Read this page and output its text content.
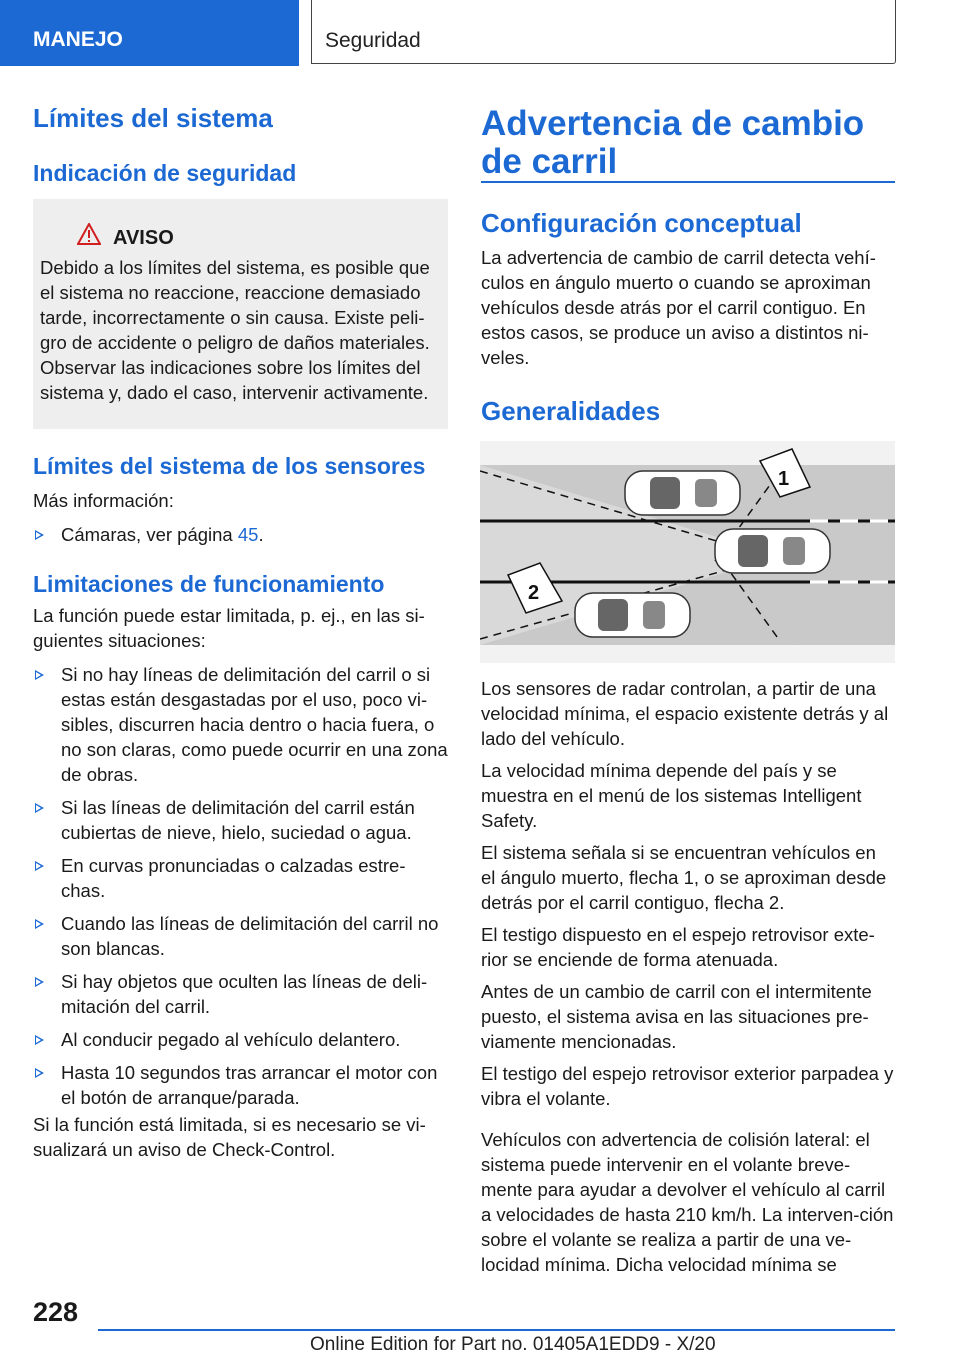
MANEJO	Seguridad
Límites del sistema
Indicación de seguridad
AVISO
Debido a los límites del sistema, es posible que el sistema no reaccione, reaccione demasiado tarde, incorrectamente o sin causa. Existe peli-gro de accidente o peligro de daños materiales. Observar las indicaciones sobre los límites del sistema y, dado el caso, intervenir activamente.
Límites del sistema de los sensores

Más información:

Cámaras, ver página 45.
Limitaciones de funcionamiento

La función puede estar limitada, p. ej., en las si-guientes situaciones:

Si no hay líneas de delimitación del carril o si estas están desgastadas por el uso, poco vi-sibles, discurren hacia dentro o hacia fuera, o no son claras, como puede ocurrir en una zona de obras.
Si las líneas de delimitación del carril están cubiertas de nieve, hielo, suciedad o agua.
En curvas pronunciadas o calzadas estre-chas.
Cuando las líneas de delimitación del carril no son blancas.
Si hay objetos que oculten las líneas de deli-mitación del carril.
Al conducir pegado al vehículo delantero.
Hasta 10 segundos tras arrancar el motor con el botón de arranque/parada.

Si la función está limitada, si es necesario se vi-sualizará un aviso de Check-Control.

Advertencia de cambio de carril
Configuración conceptual

La advertencia de cambio de carril detecta vehí-culos en ángulo muerto o cuando se aproximan vehículos desde atrás por el carril contiguo. En estos casos, se produce un aviso a distintos ni-veles.

Generalidades
1
2

Los sensores de radar controlan, a partir de una velocidad mínima, el espacio existente detrás y al lado del vehículo.

La velocidad mínima depende del país y se muestra en el menú de los sistemas Intelligent Safety.

El sistema señala si se encuentran vehículos en el ángulo muerto, flecha 1, o se aproximan desde detrás por el carril contiguo, flecha 2.

El testigo dispuesto en el espejo retrovisor exte-rior se enciende de forma atenuada.

Antes de un cambio de carril con el intermitente puesto, el sistema avisa en las situaciones pre-viamente mencionadas.

El testigo del espejo retrovisor exterior parpadea y vibra el volante.

Vehículos con advertencia de colisión lateral: el sistema puede intervenir en el volante breve-mente para ayudar a devolver el vehículo al carril a velocidades de hasta 210 km/h. La interven-ción sobre el volante se realiza a partir de una ve-locidad mínima. Dicha velocidad mínima se

228
Online Edition for Part no. 01405A1EDD9 - X/20
